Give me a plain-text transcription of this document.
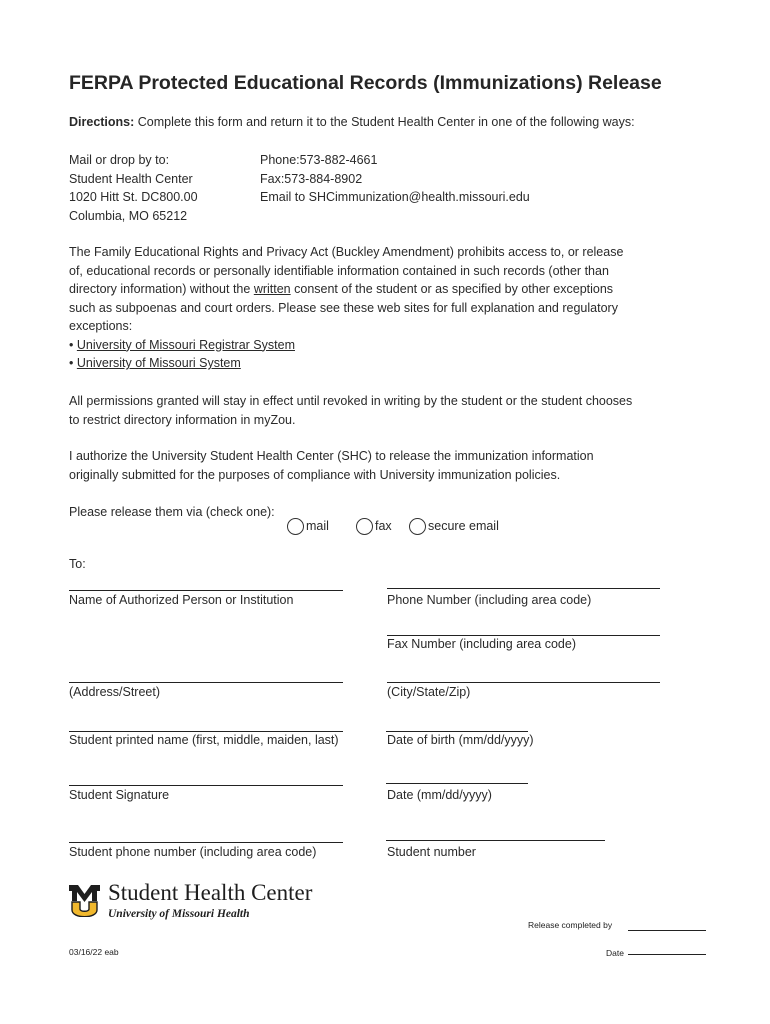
FERPA Protected Educational Records (Immunizations) Release
Directions: Complete this form and return it to the Student Health Center in one of the following ways:
Mail or drop by to:
Student Health Center
1020 Hitt St. DC800.00
Columbia, MO 65212
Phone:573-882-4661
Fax:573-884-8902
Email to SHCimmunization@health.missouri.edu
The Family Educational Rights and Privacy Act (Buckley Amendment) prohibits access to, or release
of, educational records or personally identifiable information contained in such records (other than
directory information) without the written consent of the student or as specified by other exceptions
such as subpoenas and court orders. Please see these web sites for full explanation and regulatory
exceptions:
• University of Missouri Registrar System
• University of Missouri System
All permissions granted will stay in effect until revoked in writing by the student or the student chooses
to restrict directory information in myZou.
I authorize the University Student Health Center (SHC) to release the immunization information
originally submitted for the purposes of compliance with University immunization policies.
Please release them via (check one):
mail	fax	secure email
To:
Name of Authorized Person or Institution	Phone Number (including area code)
Fax Number (including area code)
(Address/Street)	(City/State/Zip)
Student printed name (first, middle, maiden, last)	Date of birth (mm/dd/yyyy)
Student Signature	Date (mm/dd/yyyy)
Student phone number (including area code)	Student number
Student Health Center
University of Missouri Health
Release completed by
Date
03/16/22 eab
